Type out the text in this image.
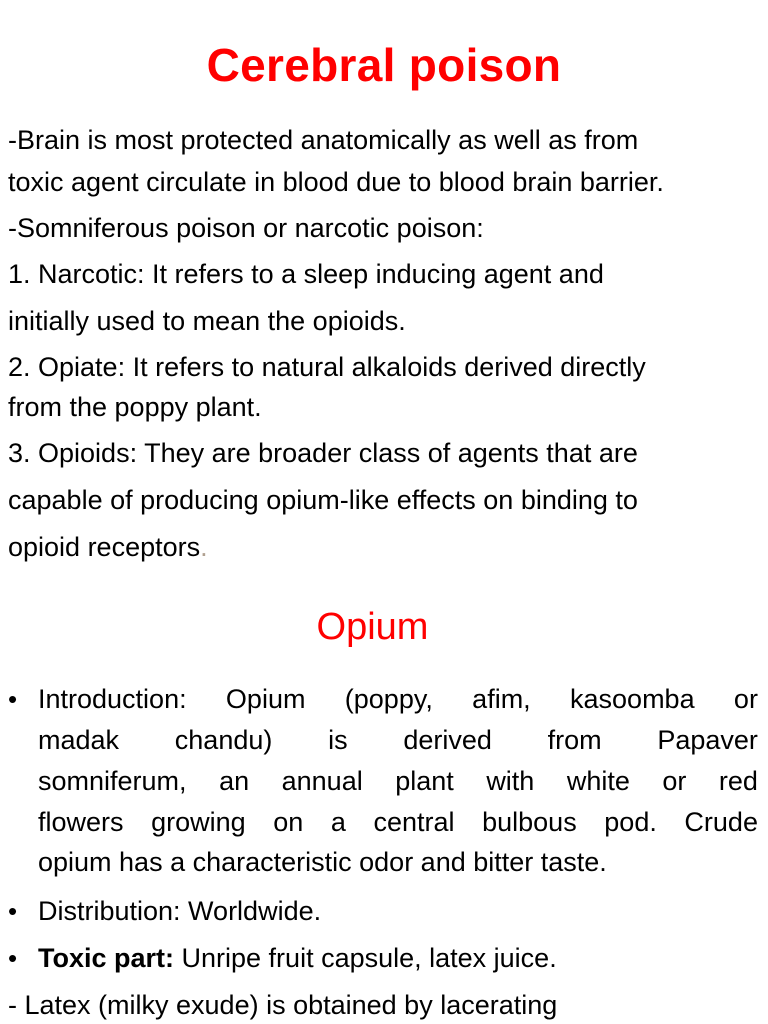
Cerebral poison
-Brain is most protected anatomically as well as from
toxic agent circulate in blood due to blood brain barrier.
-Somniferous poison or narcotic poison:
1. Narcotic: It refers to a sleep inducing agent and
initially used to mean the opioids.
2. Opiate: It refers to natural alkaloids derived directly
from the poppy plant.
3. Opioids: They are broader class of agents that are
capable of producing opium-like effects on binding to
opioid receptors.
Opium
• Introduction: Opium (poppy, afim, kasoomba or
madak chandu) is derived from Papaver
somniferum, an annual plant with white or red
flowers growing on a central bulbous pod. Crude
opium has a characteristic odor and bitter taste.
• Distribution: Worldwide.
• Toxic part: Unripe fruit capsule, latex juice.
- Latex (milky exude) is obtained by lacerating
